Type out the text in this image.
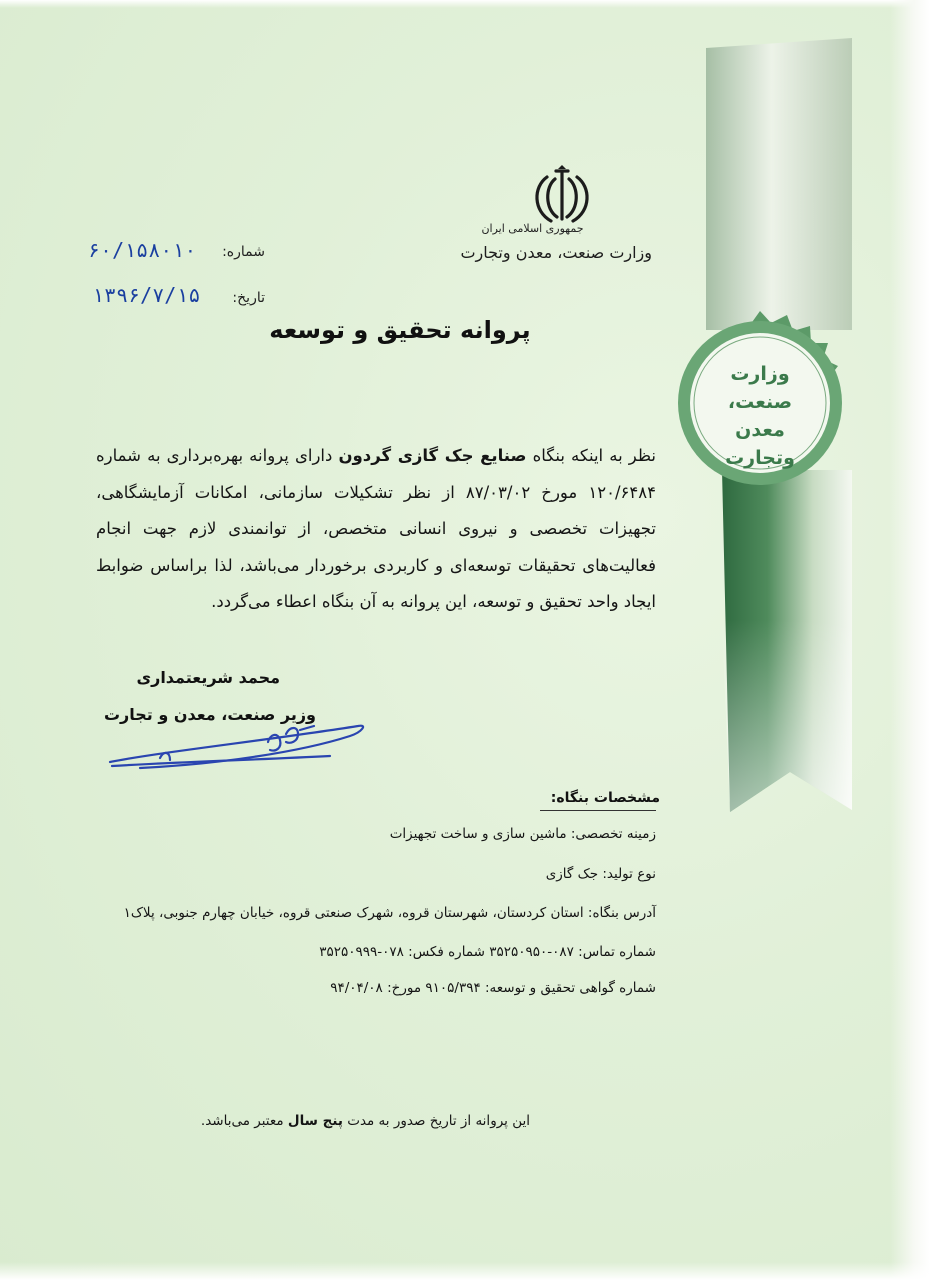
وزارت
صنعت، معدن
وتجارت
جمهوری اسلامی ایران
وزارت صنعت، معدن وتجارت
شماره:
۶۰/۱۵۸۰۱۰
تاریخ:
۱۳۹۶/۷/۱۵
پروانه تحقیق و توسعه
نظر به اینکه بنگاه صنایع جک گازی گردون دارای پروانه بهره‌برداری به شماره ۱۲۰/۶۴۸۴ مورخ ۸۷/۰۳/۰۲ از نظر تشکیلات سازمانی، امکانات آزمایشگاهی، تجهیزات تخصصی و نیروی انسانی متخصص، از توانمندی لازم جهت انجام فعالیت‌های تحقیقات توسعه‌ای و کاربردی برخوردار می‌باشد، لذا براساس ضوابط ایجاد واحد تحقیق و توسعه، این پروانه به آن بنگاه اعطاء می‌گردد.
محمد شریعتمداری
وزیر صنعت، معدن و تجارت
مشخصات بنگاه:
زمینه تخصصی: ماشین سازی و ساخت تجهیزات
نوع تولید: جک گازی
آدرس بنگاه: استان کردستان، شهرستان قروه، شهرک صنعتی قروه، خیابان چهارم جنوبی، پلاک۱
شماره تماس: ۰۸۷-۳۵۲۵۰۹۵۰ شماره فکس: ۰۷۸-۳۵۲۵۰۹۹۹
شماره گواهی تحقیق و توسعه: ۹۱۰۵/۳۹۴ مورخ: ۹۴/۰۴/۰۸
این پروانه از تاریخ صدور به مدت پنج سال معتبر می‌باشد.
